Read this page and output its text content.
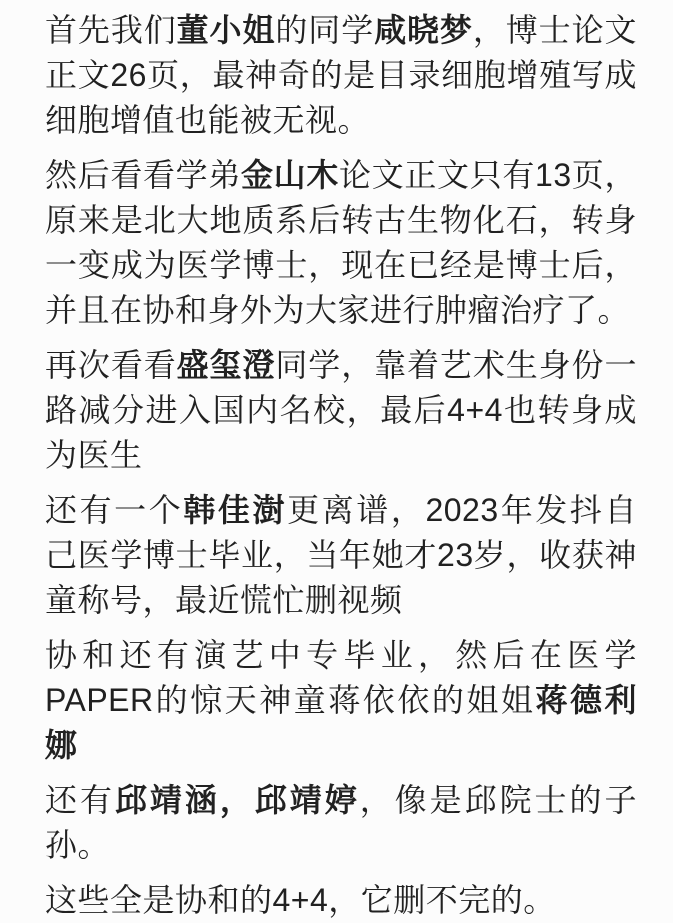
首先我们董小姐的同学咸晓梦，博士论文正文26页，最神奇的是目录细胞增殖写成细胞增值也能被无视。

然后看看学弟金山木论文正文只有13页，原来是北大地质系后转古生物化石，转身一变成为医学博士，现在已经是博士后，并且在协和身外为大家进行肿瘤治疗了。

再次看看盛玺澄同学，靠着艺术生身份一路减分进入国内名校，最后4+4也转身成为医生

还有一个韩佳澍更离谱，2023年发抖自己医学博士毕业，当年她才23岁，收获神童称号，最近慌忙删视频

协和还有演艺中专毕业，然后在医学PAPER的惊天神童蒋依依的姐姐蒋德利娜

还有邱靖涵，邱靖婷，像是邱院士的子孙。

这些全是协和的4+4，它删不完的。
